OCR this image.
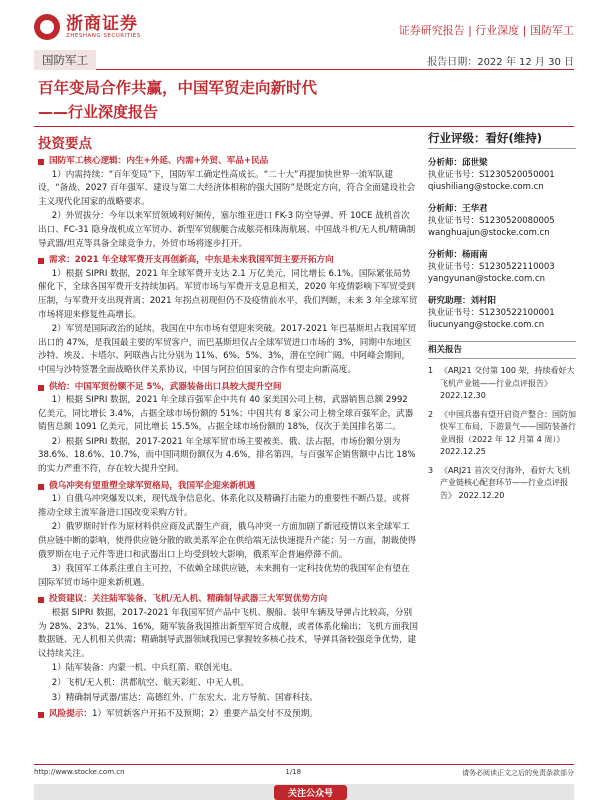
浙商证券
ZHESHANG SECURITIES	证券研究报告 | 行业深度 | 国防军工
国防军工	报告日期：2022 年 12 月 30 日
百年变局合作共赢，中国军贸走向新时代
——行业深度报告
投资要点
国防军工核心逻辑：内生+外延、内需+外贸、军品+民品

1）内需持续：“百年变局”下，国防军工确定性高成长。“二十大”再提加快世界一流军队建设，“备战、2027 百年强军、建设与第二大经济体相称的强大国防”是既定方向，符合全面建设社会主义现代化国家的战略要求。

2）外贸拔分：今年以来军贸领域利好频传，塞尔维亚进口 FK-3 防空导弹、歼 10CE 战机首次出口、FC-31 隐身战机成立军贸办、新型军贸舰艇合成舷亮相珠海航展、中国战斗机/无人机/精确制导武器/坦克等具备全球竞争力，外贸市场将逐步打开。

需求：2021 年全球军费开支再创新高，中东是未来我国军贸主要开拓方向

1）根据 SIPRI 数据，2021 年全球军费开支达 2.1 万亿美元，同比增长 6.1%。国际紧张局势催化下，全球各国军费开支持续加码。军贸市场与军费开支息息相关，2020 年疫情影响下军贸受到压制，与军费开支出现背离；2021 年拐点初现但仍不及疫情前水平，我们判断，未来 3 年全球军贸市场将迎来修复性高增长。

2）军贸是国际政治的延续，我国在中东市场有望迎来突破。2017-2021 年巴基斯坦占我国军贸出口的 47%，是我国最主要的军贸客户，而巴基斯坦仅占全球军贸进口市场的 3%，同期中东地区沙特、埃及、卡塔尔、阿联酋占比分别为 11%、6%、5%、3%，潜在空间广阔。中阿峰会期间，中国与沙特签署全面战略伙伴关系协议，中国与阿拉伯国家的合作有望走向新高度。

供给：中国军贸份额不足 5%，武器装备出口具较大提升空间

1）根据 SIPRI 数据，2021 年全球百强军企中共有 40 家美国公司上榜，武器销售总额 2992 亿美元，同比增长 3.4%，占据全球市场份额的 51%；中国共有 8 家公司上榜全球百强军企，武器销售总额 1091 亿美元，同比增长 15.5%，占据全球市场份额的 18%，仅次于美国排名第二。

2）根据 SIPRI 数据，2017-2021 年全球军贸市场主要被美、俄、法占据，市场份额分别为 38.6%、18.6%、10.7%，而中国同期份额仅为 4.6%，排名第四，与百强军企销售额中占比 18%的实力严重不符，存在较大提升空间。

俄乌冲突有望重塑全球军贸格局，我国军企迎来新机遇

1）自俄乌冲突爆发以来，现代战争信息化、体系化以及精确打击能力的重要性不断凸显，或将推动全球主流军备进口国改变采购方针。

2）俄罗斯时针作为原材料供应商及武器生产商，俄乌冲突一方面加剧了新冠疫情以来全球军工供应链中断的影响，使得供应链分散的欧美系军企在供给端无法快速提升产能；另一方面，制裁使得俄罗斯在电子元件等进口和武器出口上均受到较大影响，俄系军企普遍停滞不前。

3）我国军工体系注重自主可控，不依赖全球供应链，未来拥有一定科技优势的我国军企有望在国际军贸市场中迎来新机遇。

投资建议：关注陆军装备、飞机/无人机、精确制导武器三大军贸优势方向

根据 SIPRI 数据，2017-2021 年我国军贸产品中飞机、舰船、装甲车辆及导弹占比较高，分别为 28%、23%、21%、16%，随军装备我国推出新型军贸合成舰，或者体系化输出；飞机方面我国数据链、无人机相关供需；精确制导武器领域我国已掌握较多核心技术，导弹具备较强竞争优势，建议持续关注。

1）陆军装备：内蒙一机、中兵红箭、联创光电。

2）飞机/无人机：洪都航空、航天彩虹、中无人机。

3）精确制导武器/雷达：高德红外、广东宏大、北方导航、国睿科技。

风险提示： 1）军贸新客户开拓不及预期；2）重要产品交付不及预期。
行业评级：看好(维持)
分析师：邱世梁
执业证书号：S1230520050001
qiushiliang@stocke.com.cn
分析师：王华君
执业证书号：S1230520080005
wanghuajun@stocke.com.cn
分析师：杨雨南
执业证书号：S1230522110003
yangyunan@stocke.com.cn
研究助理：刘村阳
执业证书号：S1230522100001
liucunyang@stocke.com.cn
相关报告
1 《ARJ21 交付第 100 架，持续看好大飞机产业链——行业点评报告》 2022.12.30
2 《中国兵器有望开启资产整合：国防加快军工布局，下游景气——国防装备行业周报（2022 年 12 月第 4 周）》 2022.12.25
3 《ARJ21 首次交付海外，看好大飞机产业链核心配套环节——行业点评报告》 2022.12.20
http://www.stocke.com.cn	1/18	请务必阅读正文之后的免责条款部分
关注公众号
